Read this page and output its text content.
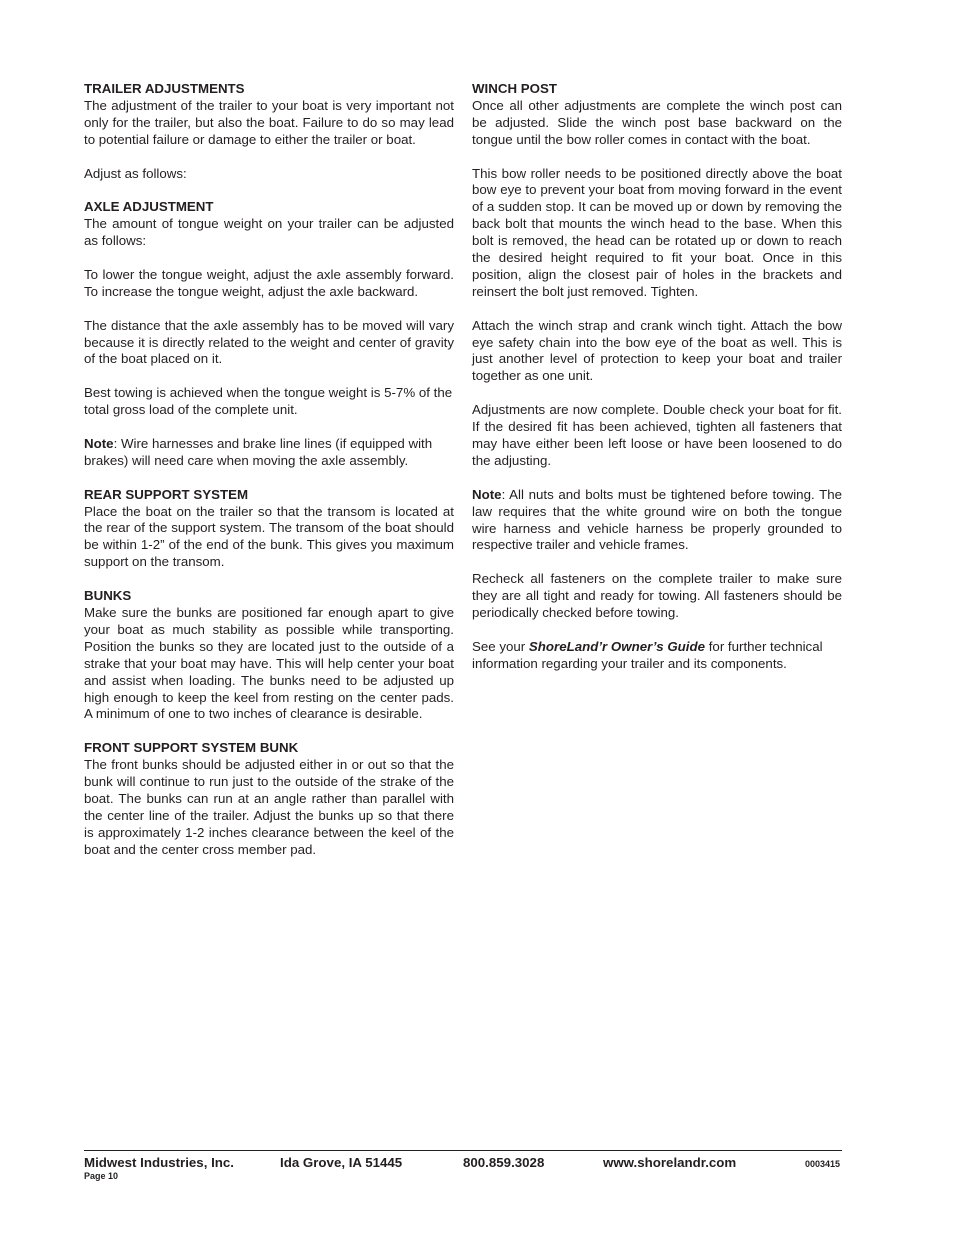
TRAILER ADJUSTMENTS

The adjustment of the trailer to your boat is very important not only for the trailer, but also the boat. Failure to do so may lead to potential failure or damage to either the trailer or boat.

Adjust as follows:

AXLE ADJUSTMENT

The amount of tongue weight on your trailer can be adjusted as follows:

To lower the tongue weight, adjust the axle assembly forward. To increase the tongue weight, adjust the axle backward.

The distance that the axle assembly has to be moved will vary because it is directly related to the weight and center of gravity of the boat placed on it.

Best towing is achieved when the tongue weight is 5-7% of the total gross load of the complete unit.

Note: Wire harnesses and brake line lines (if equipped with brakes) will need care when moving the axle assembly.

REAR SUPPORT SYSTEM

Place the boat on the trailer so that the transom is located at the rear of the support system. The transom of the boat should be within 1-2” of the end of the bunk. This gives you maximum support on the transom.

BUNKS

Make sure the bunks are positioned far enough apart to give your boat as much stability as possible while transporting. Position the bunks so they are located just to the outside of a strake that your boat may have. This will help center your boat and assist when loading. The bunks need to be adjusted up high enough to keep the keel from resting on the center pads. A minimum of one to two inches of clearance is desirable.

FRONT SUPPORT SYSTEM BUNK

The front bunks should be adjusted either in or out so that the bunk will continue to run just to the outside of the strake of the boat. The bunks can run at an angle rather than parallel with the center line of the trailer. Adjust the bunks up so that there is approximately 1-2 inches clearance between the keel of the boat and the center cross member pad.

WINCH POST

Once all other adjustments are complete the winch post can be adjusted. Slide the winch post base backward on the tongue until the bow roller comes in contact with the boat.

This bow roller needs to be positioned directly above the boat bow eye to prevent your boat from moving forward in the event of a sudden stop. It can be moved up or down by removing the back bolt that mounts the winch head to the base. When this bolt is removed, the head can be rotated up or down to reach the desired height required to fit your boat. Once in this position, align the closest pair of holes in the brackets and reinsert the bolt just removed. Tighten.

Attach the winch strap and crank winch tight. Attach the bow eye safety chain into the bow eye of the boat as well. This is just another level of protection to keep your boat and trailer together as one unit.

Adjustments are now complete. Double check your boat for fit. If the desired fit has been achieved, tighten all fasteners that may have either been left loose or have been loosened to do the adjusting.

Note: All nuts and bolts must be tightened before towing. The law requires that the white ground wire on both the tongue wire harness and vehicle harness be properly grounded to respective trailer and vehicle frames.

Recheck all fasteners on the complete trailer to make sure they are all tight and ready for towing. All fasteners should be periodically checked before towing.

See your ShoreLand’r Owner’s Guide for further technical information regarding your trailer and its components.

Midwest Industries, Inc.	Ida Grove, IA 51445	800.859.3028	www.shorelandr.com	0003415
Page 10
